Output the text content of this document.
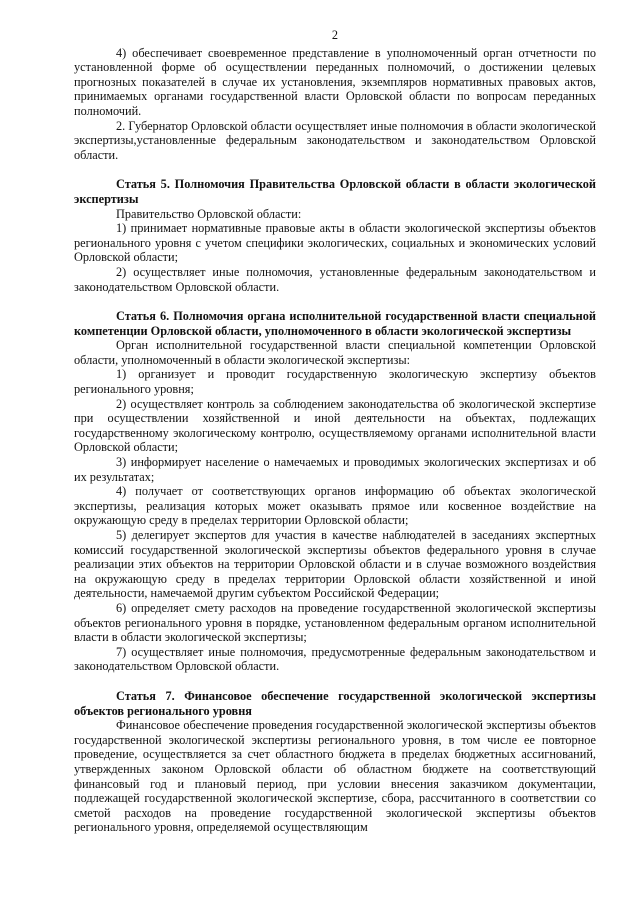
2

4) обеспечивает своевременное представление в уполномоченный орган отчетности по установленной форме об осуществлении переданных полномочий, о достижении целевых прогнозных показателей в случае их установления, экземпляров нормативных правовых актов, принимаемых органами государственной власти Орловской области по вопросам переданных полномочий.

2. Губернатор Орловской области осуществляет иные полномочия в области экологической экспертизы,установленные федеральным законодательством и законодательством Орловской области.

Статья 5. Полномочия Правительства Орловской области в области экологической экспертизы

Правительство Орловской области:

1) принимает нормативные правовые акты в области экологической экспертизы объектов регионального уровня с учетом специфики экологических, социальных и экономических условий Орловской области;

2) осуществляет иные полномочия, установленные федеральным законодательством и законодательством Орловской области.

Статья 6. Полномочия органа исполнительной государственной власти специальной компетенции Орловской области, уполномоченного в области экологической экспертизы

Орган исполнительной государственной власти специальной компетенции Орловской области, уполномоченный в области экологической экспертизы:

1) организует и проводит государственную экологическую экспертизу объектов регионального уровня;

2) осуществляет контроль за соблюдением законодательства об экологической экспертизе при осуществлении хозяйственной и иной деятельности на объектах, подлежащих государственному экологическому контролю, осуществляемому органами исполнительной власти Орловской области;

3) информирует население о намечаемых и проводимых экологических экспертизах и об их результатах;

4) получает от соответствующих органов информацию об объектах экологической экспертизы, реализация которых может оказывать прямое или косвенное воздействие на окружающую среду в пределах территории Орловской области;

5) делегирует экспертов для участия в качестве наблюдателей в заседаниях экспертных комиссий государственной экологической экспертизы объектов федерального уровня в случае реализации этих объектов на территории Орловской области и в случае возможного воздействия на окружающую среду в пределах территории Орловской области хозяйственной и иной деятельности, намечаемой другим субъектом Российской Федерации;

6) определяет смету расходов на проведение государственной экологической экспертизы объектов регионального уровня в порядке, установленном федеральным органом исполнительной власти в области экологической экспертизы;

7) осуществляет иные полномочия, предусмотренные федеральным законодательством и законодательством Орловской области.

Статья 7. Финансовое обеспечение государственной экологической экспертизы объектов регионального уровня

Финансовое обеспечение проведения государственной экологической экспертизы объектов государственной экологической экспертизы регионального уровня, в том числе ее повторное проведение, осуществляется за счет областного бюджета в пределах бюджетных ассигнований, утвержденных законом Орловской области об областном бюджете на соответствующий финансовый год и плановый период, при условии внесения заказчиком документации, подлежащей государственной экологической экспертизе, сбора, рассчитанного в соответствии со сметой расходов на проведение государственной экологической экспертизы объектов регионального уровня, определяемой осуществляющим
